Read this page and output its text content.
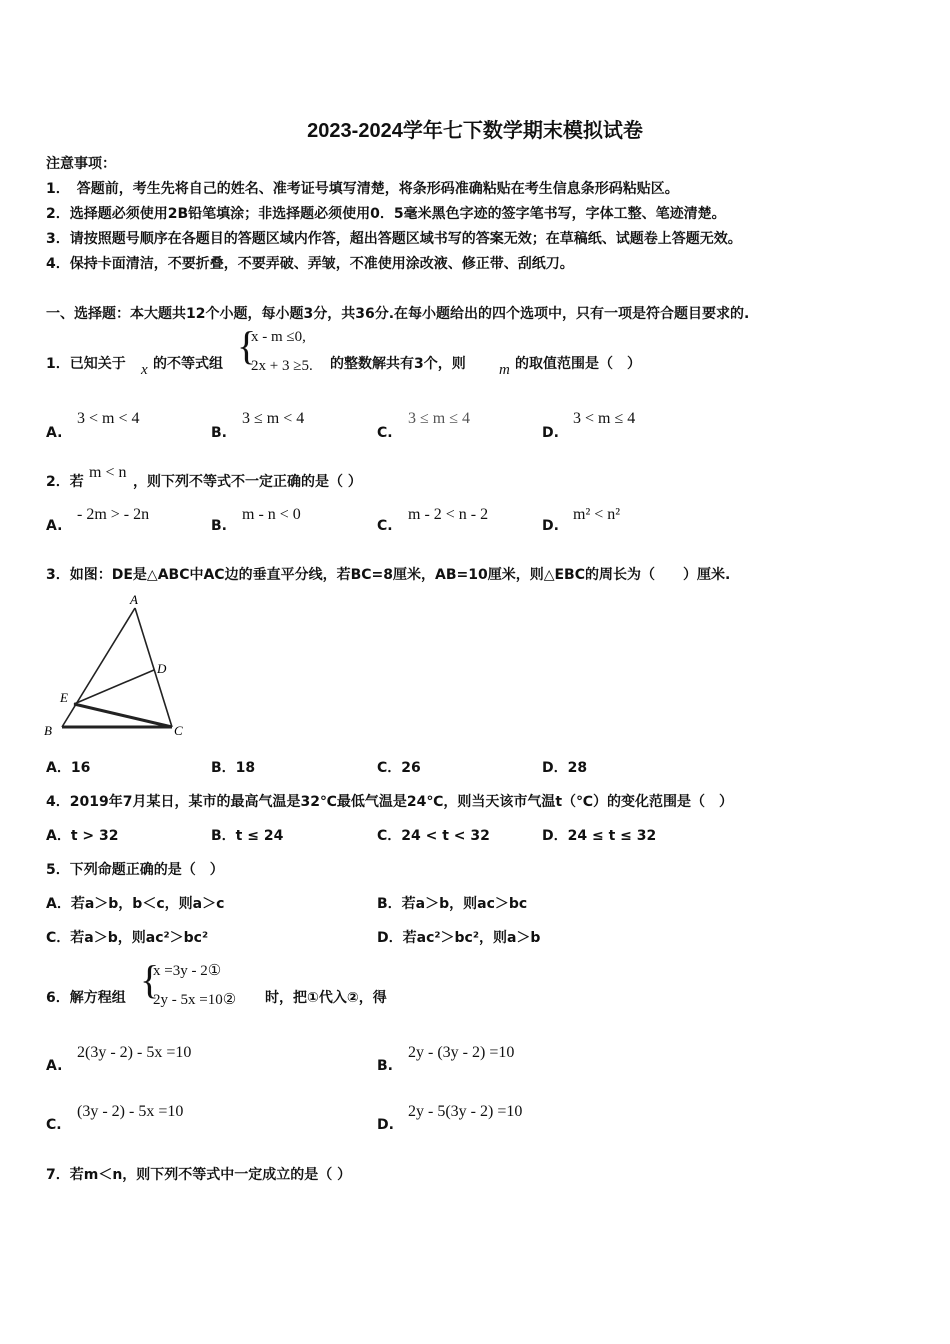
2023-2024学年七下数学期末模拟试卷
注意事项：
1．　答题前，考生先将自己的姓名、准考证号填写清楚，将条形码准确粘贴在考生信息条形码粘贴区。
2．选择题必须使用2B铅笔填涂；非选择题必须使用0．5毫米黑色字迹的签字笔书写，字体工整、笔迹清楚。
3．请按照题号顺序在各题目的答题区域内作答，超出答题区域书写的答案无效；在草稿纸、试题卷上答题无效。
4．保持卡面清洁，不要折叠，不要弄破、弄皱，不准使用涂改液、修正带、刮纸刀。
一、选择题：本大题共12个小题，每小题3分，共36分.在每小题给出的四个选项中，只有一项是符合题目要求的.
1．已知关于 x 的不等式组 {
x - m ≤0,
2x + 3 ≥5. 的整数解共有3个，则 m 的取值范围是（　）
A.
3 < m < 4
B.
3 ≤ m < 4
C.
3 ≤ m ≤ 4
D.
3 < m ≤ 4
2．若
m < n
，则下列不等式不一定正确的是（ ）
A.
- 2m > - 2n
B.
m - n < 0
C.
m - 2 < n - 2
D.
m² < n²
3．如图：DE是△ABC中AC边的垂直平分线，若BC=8厘米，AB=10厘米，则△EBC的周长为（　　）厘米.
A
D
E
B	C
A．16	B．18	C．26	D．28
4．2019年7月某日，某市的最高气温是32℃最低气温是24℃，则当天该市气温t（℃）的变化范围是（　）
A．t > 32	B．t ≤ 24	C．24 < t < 32	D．24 ≤ t ≤ 32
5．下列命题正确的是（　）
A．若a＞b，b＜c，则a＞c	B．若a＞b，则ac＞bc
C．若a＞b，则ac²＞bc²	D．若ac²＞bc²，则a＞b
6．解方程组 {
x =3y - 2①
2y - 5x =10② 时，把①代入②，得
A.
2(3y - 2) - 5x =10
B.
2y - (3y - 2) =10
C.
(3y - 2) - 5x =10
D.
2y - 5(3y - 2) =10
7．若m＜n，则下列不等式中一定成立的是（ ）
